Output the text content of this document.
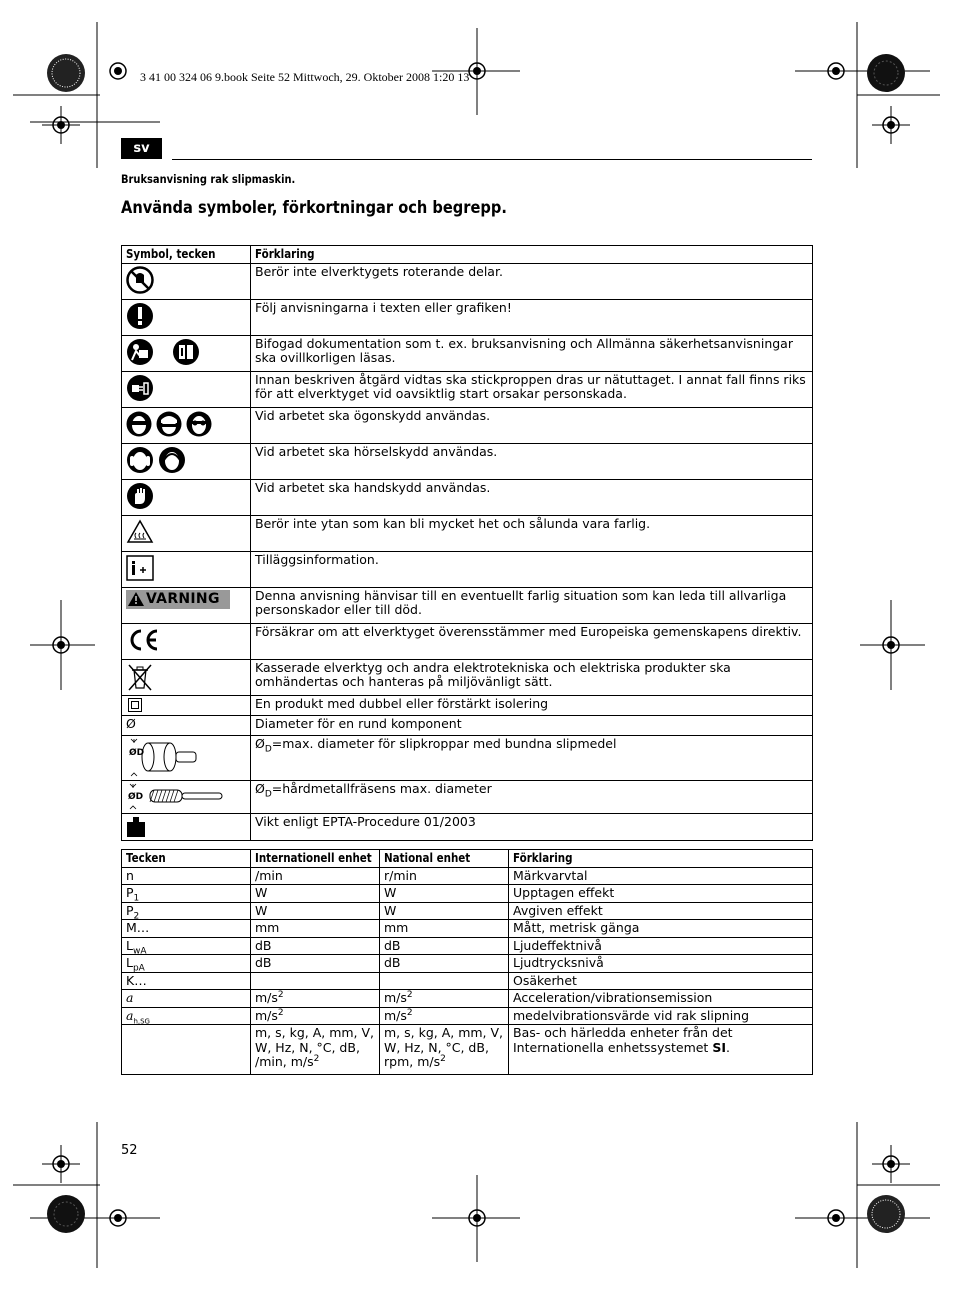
3 41 00 324 06 9.book Seite 52 Mittwoch, 29. Oktober 2008 1:20 13
sv
Bruksanvisning rak slipmaskin.
Använda symboler, förkortningar och begrepp.
Symbol, tecken	Förklaring

	Berör inte elverktygets roterande delar.

	Följ anvisningarna i texten eller grafiken!

	Bifogad dokumentation som t. ex. bruksanvisning och Allmänna säkerhetsanvisningar ska ovillkorligen läsas.

	Innan beskriven åtgärd vidtas ska stickproppen dras ur nätuttaget. I annat fall finns riks för att elverktyget vid oavsiktlig start orsakar personskada.

	Vid arbetet ska ögonskydd användas.

	Vid arbetet ska hörselskydd användas.

	Vid arbetet ska handskydd användas.

	Berör inte ytan som kan bli mycket het och sålunda vara farlig.

	Tilläggsinformation.

VARNING	Denna anvisning hänvisar till en eventuellt farlig situation som kan leda till allvarliga personskador eller till död.

	Försäkrar om att elverktyget överensstämmer med Europeiska gemenskapens direktiv.

	Kasserade elverktyg och andra elektrotekniska och elektriska produkter ska omhändertas och hanteras på miljövänligt sätt.

	En produkt med dubbel eller förstärkt isolering
Ø	Diameter för en rund komponent

ØD	$Ø_D=\max$. diameter för slipkroppar med bundna slipmedel

ØD	$Ø_D=hårdmetallfräsens$ max. diameter

	Vikt enligt EPTA-Procedure 01/2003
Tecken	Internationell enhet	National enhet	Förklaring
n	/min	r/min	Märkvarvtal
$P_1$	W	W	Upptagen effekt
$P_2$	W	W	Avgiven effekt
M…	mm	mm	Mått, metrisk gänga
$L_{wA}$	dB	dB	Ljudeffektnivå
$L_{pA}$	dB	dB	Ljudtrycksnivå
K…			Osäkerhet
a	$m/s^2$	$m/s^2$	Acceleration/vibrationsemission
$a_{h,SG}$	$m/s^2$	$m/s^2$	medelvibrationsvärde vid rak slipning
	m, s, kg, A, mm, V, W, Hz, N, °C, dB, /min, $m/s^2$	m, s, kg, A, mm, V, W, Hz, N, °C, dB, rpm, $m/s^2$	Bas- och härledda enheter från det Internationella enhetssystemet SI.
52
